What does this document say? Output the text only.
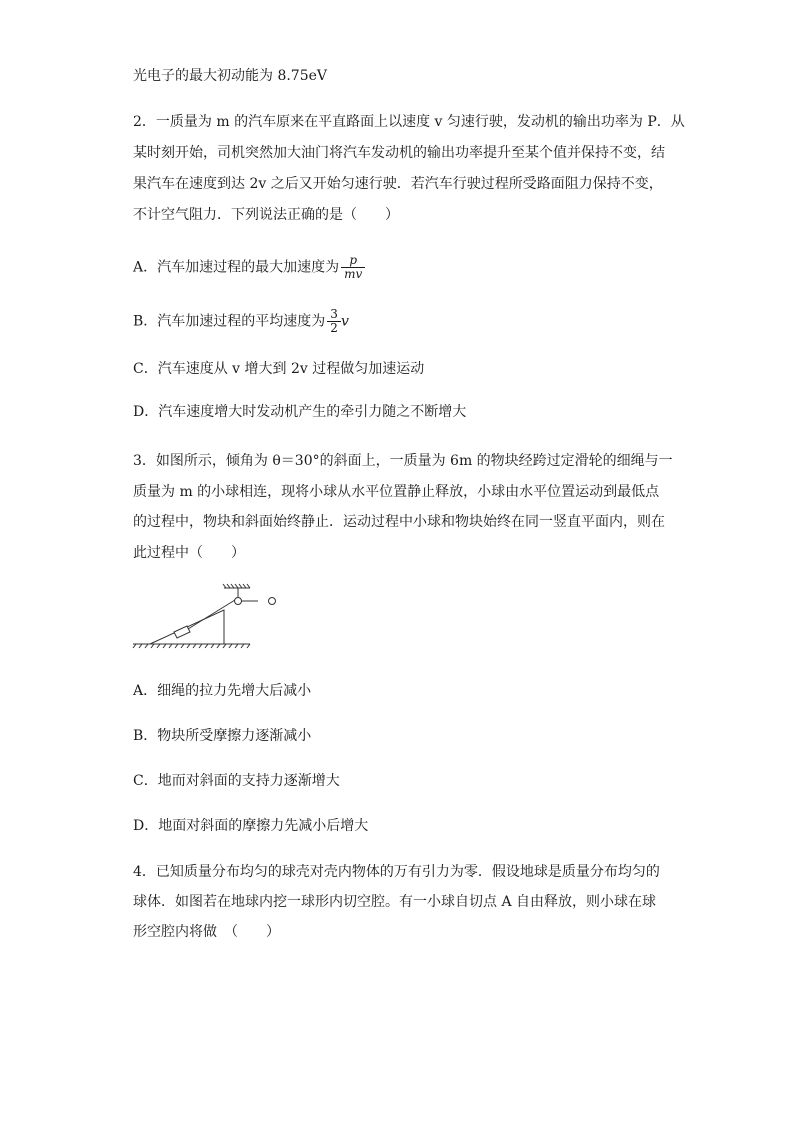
光电子的最大初动能为 8.75eV
2．一质量为 m 的汽车原来在平直路面上以速度 v 匀速行驶，发动机的输出功率为 P．从
某时刻开始，司机突然加大油门将汽车发动机的输出功率提升至某个值并保持不变，结
果汽车在速度到达 2v 之后又开始匀速行驶．若汽车行驶过程所受路面阻力保持不变，
不计空气阻力．下列说法正确的是（　　）
A．汽车加速过程的最大加速度为 $\frac{p}{mv}$
B．汽车加速过程的平均速度为 $\frac{3}{2}$ v
C．汽车速度从 v 增大到 2v 过程做匀加速运动
D．汽车速度增大时发动机产生的牵引力随之不断增大
3．如图所示，倾角为 θ＝30°的斜面上，一质量为 6m 的物块经跨过定滑轮的细绳与一
质量为 m 的小球相连，现将小球从水平位置静止释放，小球由水平位置运动到最低点
的过程中，物块和斜面始终静止．运动过程中小球和物块始终在同一竖直平面内，则在
此过程中（　　）
A．细绳的拉力先增大后减小
B．物块所受摩擦力逐渐减小
C．地而对斜面的支持力逐渐增大
D．地面对斜面的摩擦力先减小后增大
4．已知质量分布均匀的球壳对壳内物体的万有引力为零．假设地球是质量分布均匀的
球体．如图若在地球内挖一球形内切空腔。有一小球自切点 A 自由释放，则小球在球
形空腔内将做　（　　）
